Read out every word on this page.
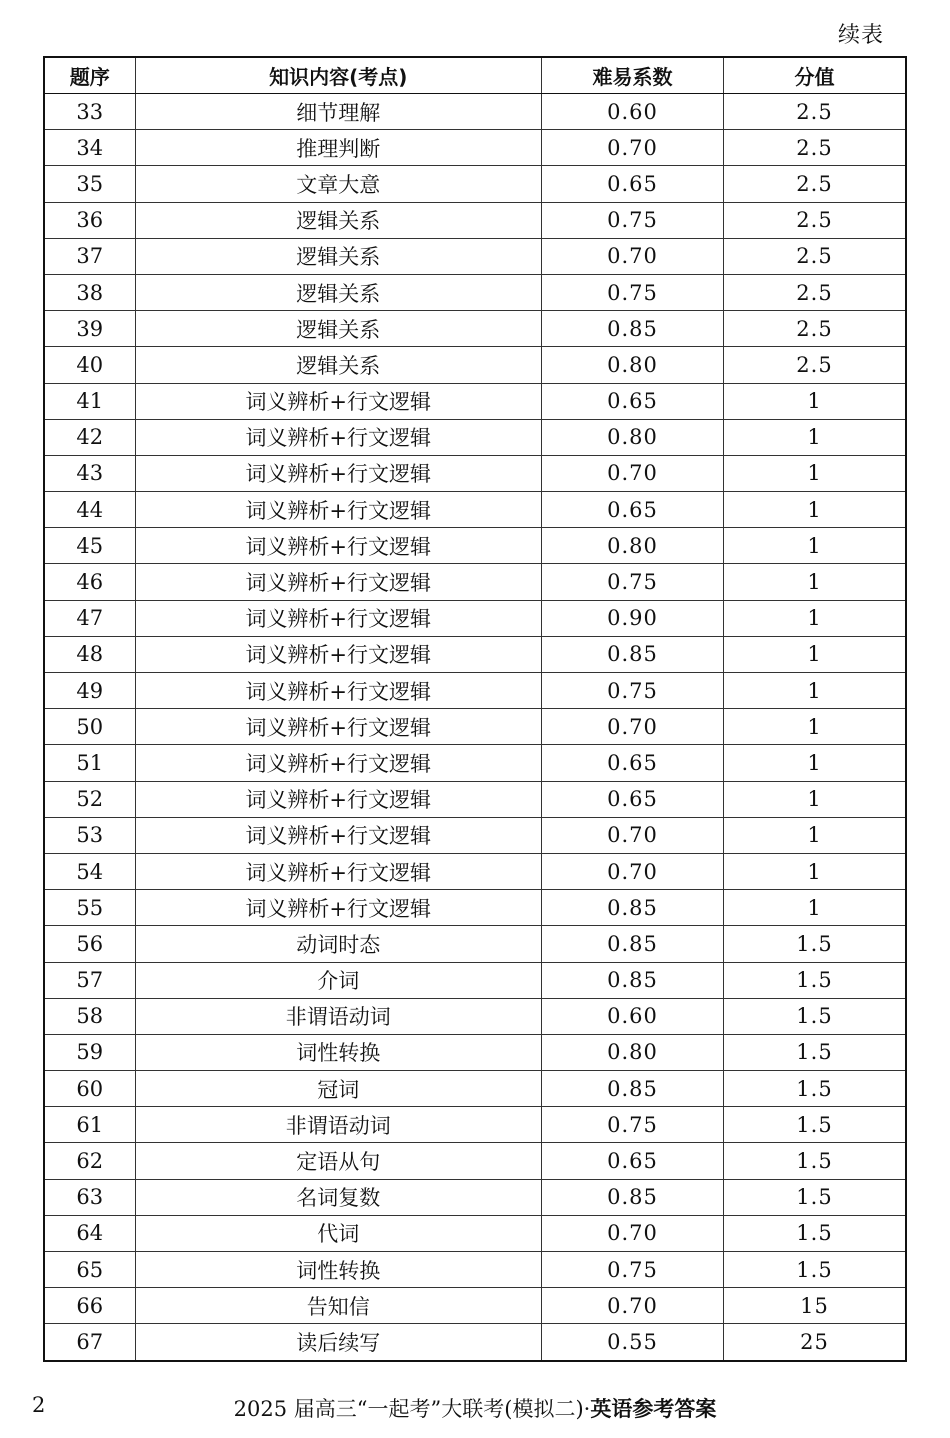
续表
题序	知识内容(考点)	难易系数	分值
33	细节理解	0.60	2.5
34	推理判断	0.70	2.5
35	文章大意	0.65	2.5
36	逻辑关系	0.75	2.5
37	逻辑关系	0.70	2.5
38	逻辑关系	0.75	2.5
39	逻辑关系	0.85	2.5
40	逻辑关系	0.80	2.5
41	词义辨析+行文逻辑	0.65	1
42	词义辨析+行文逻辑	0.80	1
43	词义辨析+行文逻辑	0.70	1
44	词义辨析+行文逻辑	0.65	1
45	词义辨析+行文逻辑	0.80	1
46	词义辨析+行文逻辑	0.75	1
47	词义辨析+行文逻辑	0.90	1
48	词义辨析+行文逻辑	0.85	1
49	词义辨析+行文逻辑	0.75	1
50	词义辨析+行文逻辑	0.70	1
51	词义辨析+行文逻辑	0.65	1
52	词义辨析+行文逻辑	0.65	1
53	词义辨析+行文逻辑	0.70	1
54	词义辨析+行文逻辑	0.70	1
55	词义辨析+行文逻辑	0.85	1
56	动词时态	0.85	1.5
57	介词	0.85	1.5
58	非谓语动词	0.60	1.5
59	词性转换	0.80	1.5
60	冠词	0.85	1.5
61	非谓语动词	0.75	1.5
62	定语从句	0.65	1.5
63	名词复数	0.85	1.5
64	代词	0.70	1.5
65	词性转换	0.75	1.5
66	告知信	0.70	15
67	读后续写	0.55	25
2	2025 届高三“一起考”大联考(模拟二)·英语参考答案
